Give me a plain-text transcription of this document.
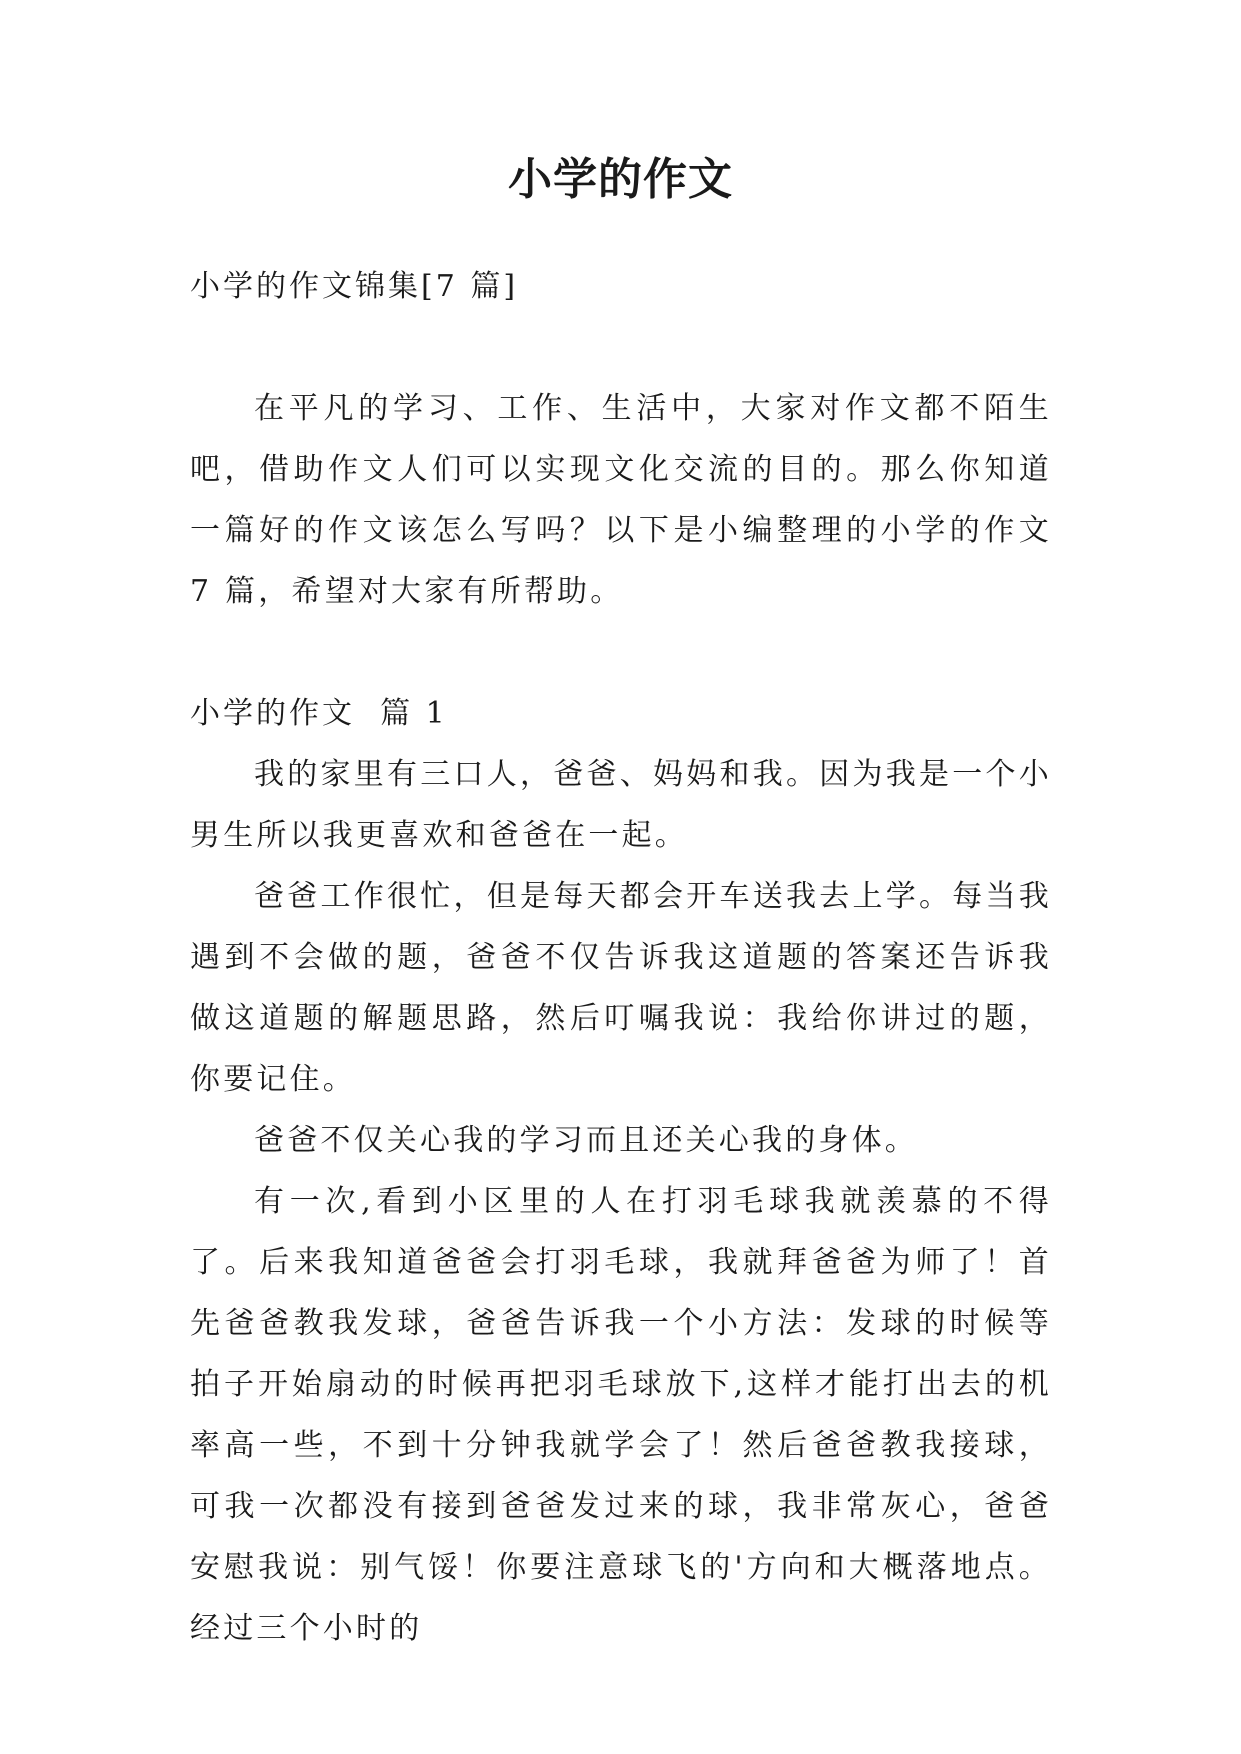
小学的作文

小学的作文锦集[7 篇]

在平凡的学习、工作、生活中，大家对作文都不陌生吧，借助作文人们可以实现文化交流的目的。那么你知道一篇好的作文该怎么写吗？以下是小编整理的小学的作文 7 篇，希望对大家有所帮助。

小学的作文  篇 1

我的家里有三口人，爸爸、妈妈和我。因为我是一个小男生所以我更喜欢和爸爸在一起。

爸爸工作很忙，但是每天都会开车送我去上学。每当我遇到不会做的题，爸爸不仅告诉我这道题的答案还告诉我做这道题的解题思路，然后叮嘱我说：我给你讲过的题，你要记住。

爸爸不仅关心我的学习而且还关心我的身体。

有一次,看到小区里的人在打羽毛球我就羡慕的不得了。后来我知道爸爸会打羽毛球，我就拜爸爸为师了！首先爸爸教我发球，爸爸告诉我一个小方法：发球的时候等拍子开始扇动的时候再把羽毛球放下,这样才能打出去的机率高一些，不到十分钟我就学会了！然后爸爸教我接球，可我一次都没有接到爸爸发过来的球，我非常灰心，爸爸安慰我说：别气馁！你要注意球飞的'方向和大概落地点。经过三个小时的
